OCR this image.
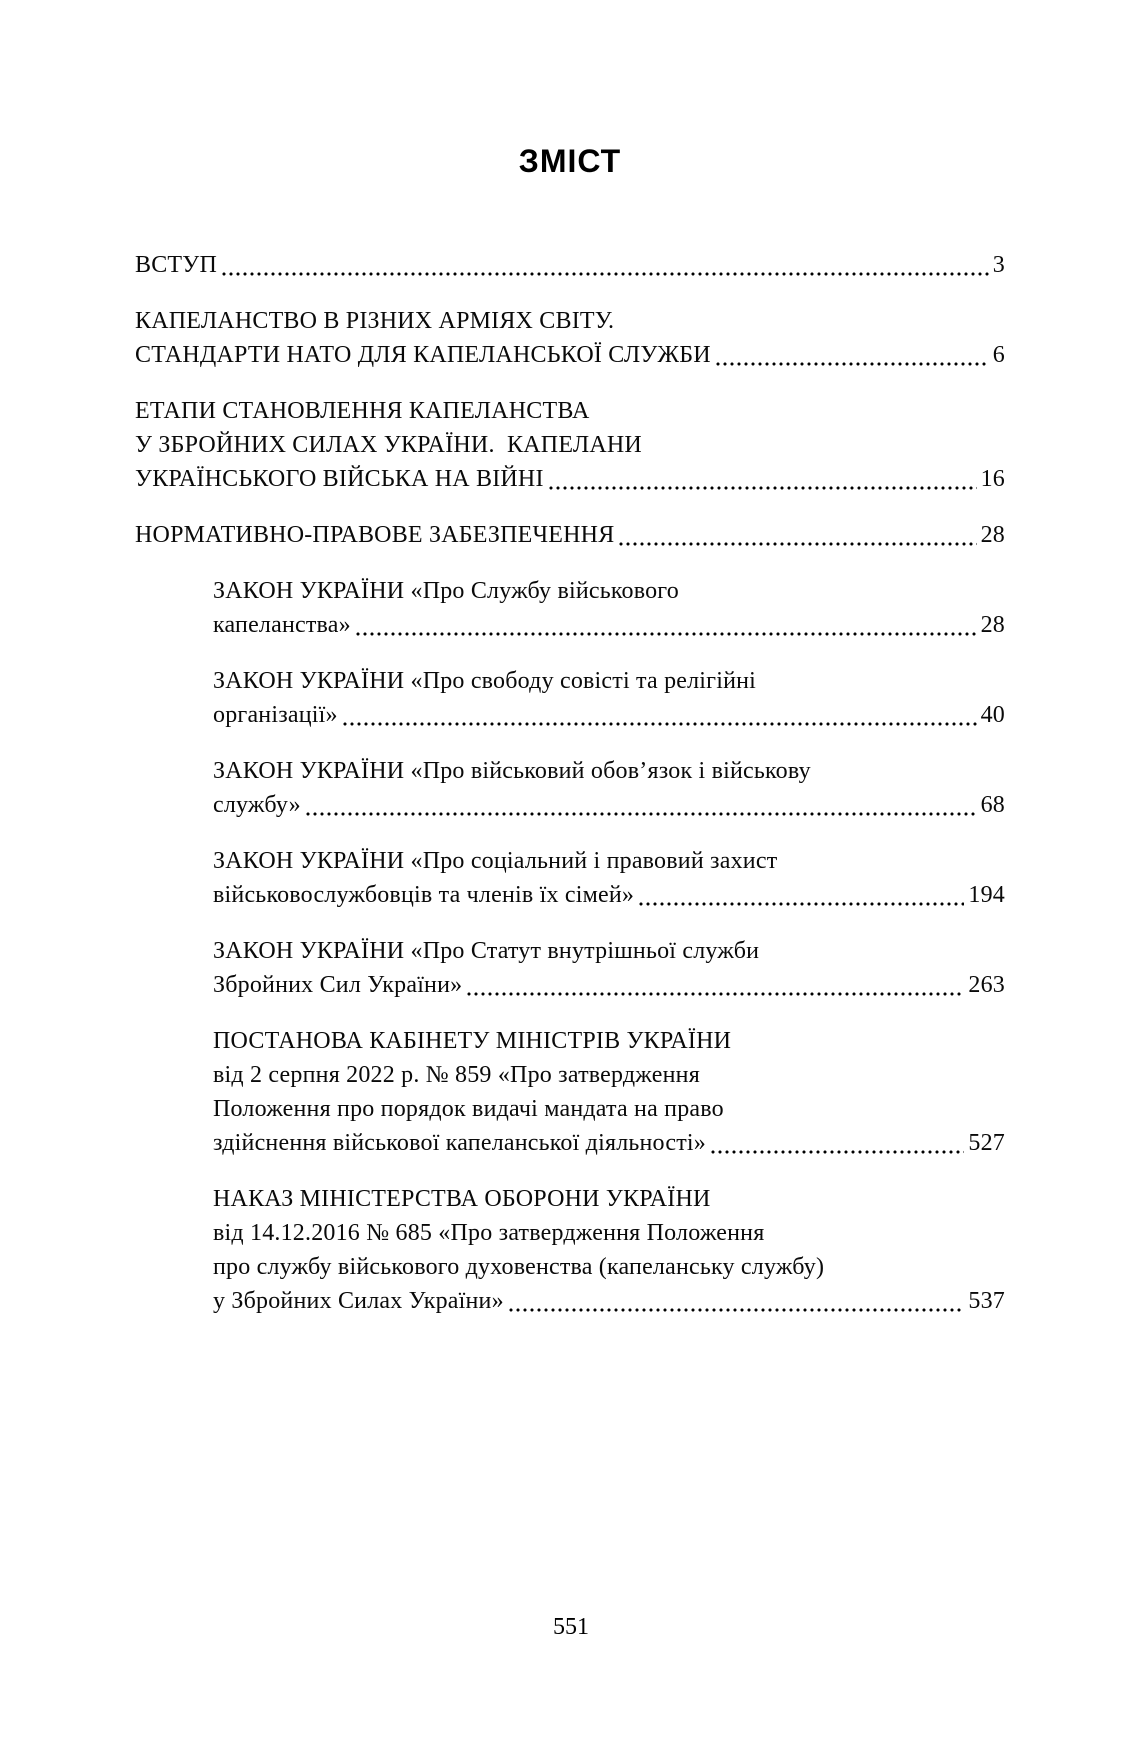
ЗМІСТ
ВСТУП	3
КАПЕЛАНСТВО В РІЗНИХ АРМІЯХ СВІТУ.
СТАНДАРТИ НАТО ДЛЯ КАПЕЛАНСЬКОЇ СЛУЖБИ	6
ЕТАПИ СТАНОВЛЕННЯ КАПЕЛАНСТВА
У ЗБРОЙНИХ СИЛАХ УКРАЇНИ.  КАПЕЛАНИ
УКРАЇНСЬКОГО ВІЙСЬКА НА ВІЙНІ	16
НОРМАТИВНО-ПРАВОВЕ ЗАБЕЗПЕЧЕННЯ	28
ЗАКОН УКРАЇНИ «Про Службу військового
капеланства»	28
ЗАКОН УКРАЇНИ «Про свободу совісті та релігійні
організації»	40
ЗАКОН УКРАЇНИ «Про військовий обов’язок і військову
службу»	68
ЗАКОН УКРАЇНИ «Про соціальний і правовий захист
військовослужбовців та членів їх сімей»	194
ЗАКОН УКРАЇНИ «Про Статут внутрішньої служби
Збройних Сил України»	263
ПОСТАНОВА КАБІНЕТУ МІНІСТРІВ УКРАЇНИ
від 2 серпня 2022 р. № 859 «Про затвердження
Положення про порядок видачі мандата на право
здійснення військової капеланської діяльності»	527
НАКАЗ МІНІСТЕРСТВА ОБОРОНИ УКРАЇНИ
від 14.12.2016 № 685 «Про затвердження Положення
про службу військового духовенства (капеланську службу)
у Збройних Силах України»	537
551
